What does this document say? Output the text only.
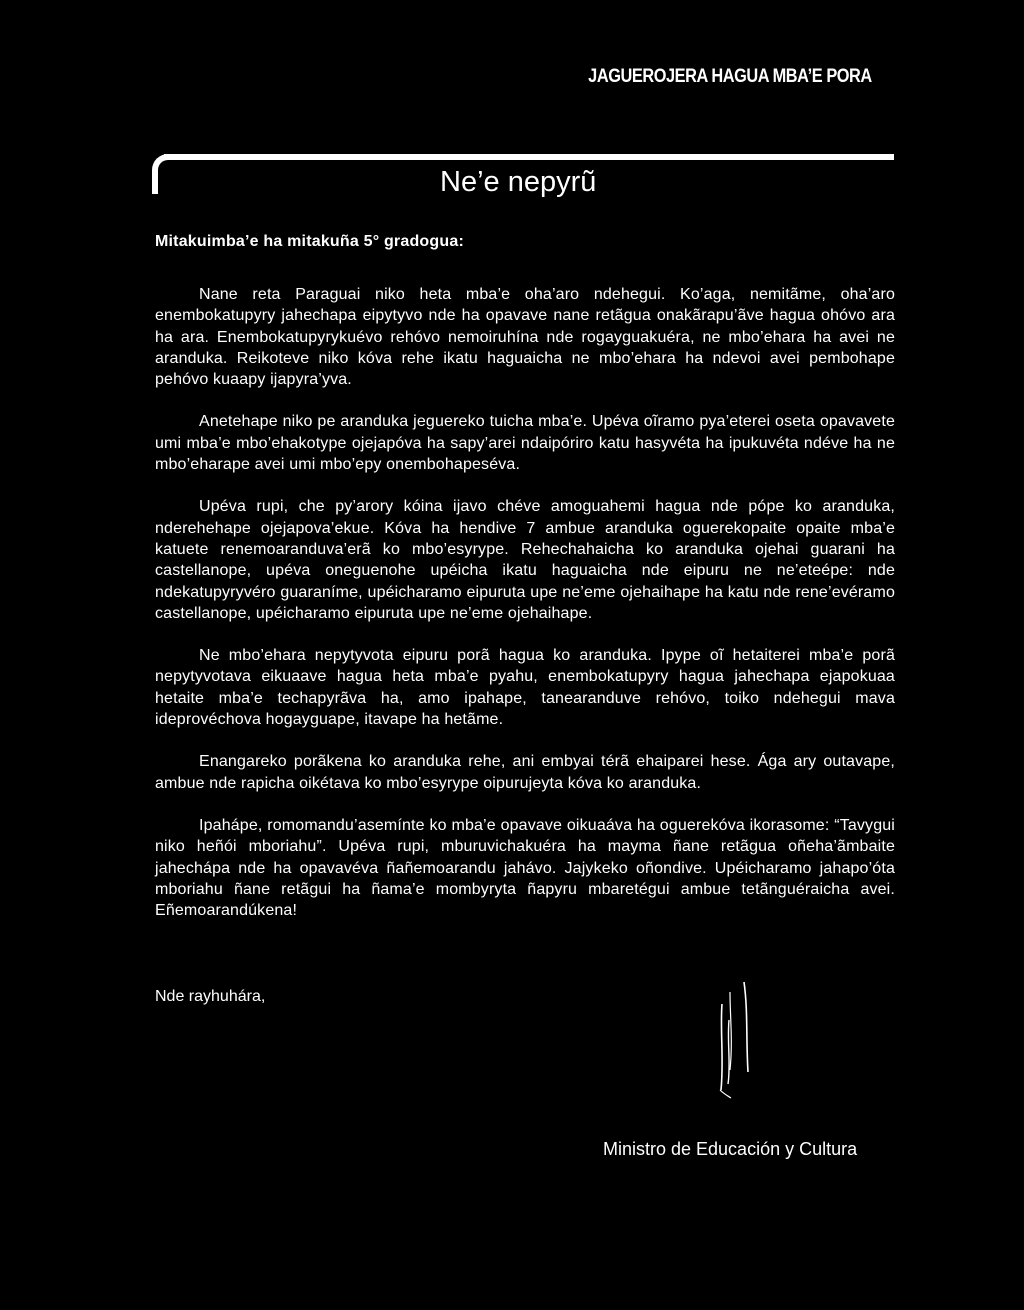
JAGUEROJERA HAGUA MBA’E PORA
Ne’e nepyrũ
Mitakuimba’e ha mitakuña 5° gradogua:

Nane reta Paraguai niko heta mba’e oha’aro ndehegui. Ko’aga, nemitãme, oha’aro enembokatupyry jahechapa eipytyvo nde ha opavave nane retãgua onakãrapu’ãve hagua ohóvo ara ha ara. Enembokatupyrykuévo rehóvo nemoiruhína nde rogayguakuéra, ne mbo’ehara ha avei ne aranduka. Reikoteve niko kóva rehe ikatu haguaicha ne mbo’ehara ha ndevoi avei pembohape pehóvo kuaapy ijapyra’yva.

Anetehape niko pe aranduka jeguereko tuicha mba’e. Upéva oĩramo pya’eterei oseta opavavete umi mba’e mbo’ehakotype ojejapóva ha sapy’arei ndaipóriro katu hasyvéta ha ipukuvéta ndéve ha ne mbo’eharape avei umi mbo’epy onembohapeséva.

Upéva rupi, che py’arory kóina ijavo chéve amoguahemi hagua nde pópe ko aranduka, nderehehape ojejapova’ekue. Kóva ha hendive 7 ambue aranduka oguerekopaite opaite mba’e katuete renemoaranduva’erã ko mbo’esyrype. Rehechahaicha ko aranduka ojehai guarani ha castellanope, upéva oneguenohe upéicha ikatu haguaicha nde eipuru ne ne’eteépe: nde ndekatupyryvéro guaraníme, upéicharamo eipuruta upe ne’eme ojehaihape ha katu nde rene’evéramo castellanope, upéicharamo eipuruta upe ne’eme ojehaihape.

Ne mbo’ehara nepytyvota eipuru porã hagua ko aranduka. Ipype oĩ hetaiterei mba’e porã nepytyvotava eikuaave hagua heta mba’e pyahu, enembokatupyry hagua jahechapa ejapokuaa hetaite mba’e techapyrãva ha, amo ipahape, tanearanduve rehóvo, toiko ndehegui mava ideprovéchova hogayguape, itavape ha hetãme.

Enangareko porãkena ko aranduka rehe, ani embyai térã ehaiparei hese. Ága ary outavape, ambue nde rapicha oikétava ko mbo’esyrype oipurujeyta kóva ko aranduka.

Ipahápe, romomandu’asemínte ko mba’e opavave oikuaáva ha oguerekóva ikorasome: “Tavygui niko heñói mboriahu”. Upéva rupi, mburuvichakuéra ha mayma ñane retãgua oñeha’ãmbaite jahechápa nde ha opavavéva ñañemoarandu jahávo. Jajykeko oñondive. Upéicharamo jahapo’óta mboriahu ñane retãgui ha ñama’e mombyryta ñapyru mbaretégui ambue tetãnguéraicha avei. Eñemoarandúkena!

Nde rayhuhára,
Ministro de Educación y Cultura
